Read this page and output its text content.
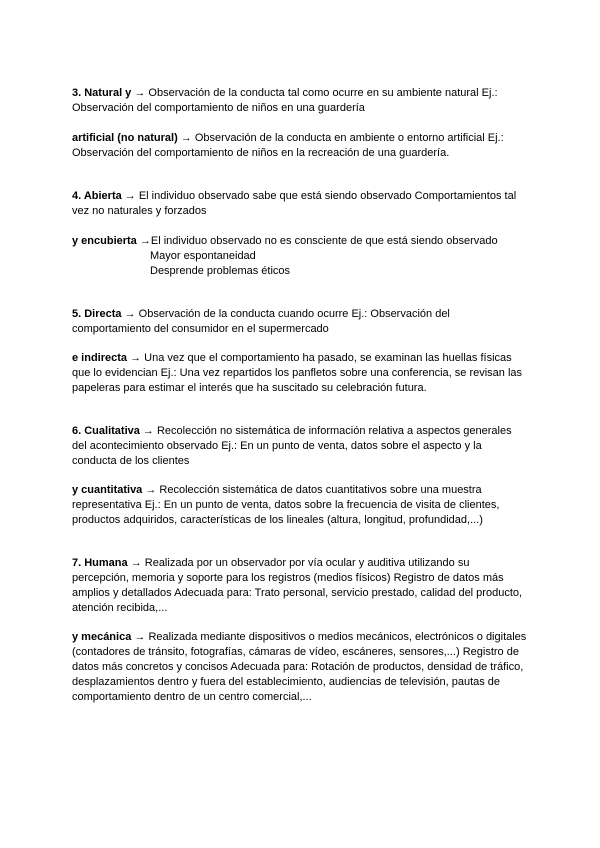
3. Natural y → Observación de la conducta tal como ocurre en su ambiente natural Ej.: Observación del comportamiento de niños en una guardería

artificial (no natural) → Observación de la conducta en ambiente o entorno artificial Ej.: Observación del comportamiento de niños en la recreación de una guardería.

4. Abierta → El individuo observado sabe que está siendo observado Comportamientos tal vez no naturales y forzados

y encubierta →El individuo observado no es consciente de que está siendo observado
Mayor espontaneidad
Desprende problemas éticos

5. Directa → Observación de la conducta cuando ocurre Ej.: Observación del comportamiento del consumidor en el supermercado

e indirecta → Una vez que el comportamiento ha pasado, se examinan las huellas físicas que lo evidencian Ej.: Una vez repartidos los panfletos sobre una conferencia, se revisan las papeleras para estimar el interés que ha suscitado su celebración futura.

6. Cualitativa → Recolección no sistemática de información relativa a aspectos generales del acontecimiento observado Ej.: En un punto de venta, datos sobre el aspecto y la conducta de los clientes

y cuantitativa → Recolección sistemática de datos cuantitativos sobre una muestra representativa Ej.: En un punto de venta, datos sobre la frecuencia de visita de clientes, productos adquiridos, características de los lineales (altura, longitud, profundidad,...)

7. Humana → Realizada por un observador por vía ocular y auditiva utilizando su percepción, memoria y soporte para los registros (medios físicos) Registro de datos más amplios y detallados Adecuada para: Trato personal, servicio prestado, calidad del producto, atención recibida,...

y mecánica → Realizada mediante dispositivos o medios mecánicos, electrónicos o digitales (contadores de tránsito, fotografías, cámaras de vídeo, escáneres, sensores,...) Registro de datos más concretos y concisos Adecuada para: Rotación de productos, densidad de tráfico, desplazamientos dentro y fuera del establecimiento, audiencias de televisión, pautas de comportamiento dentro de un centro comercial,...
